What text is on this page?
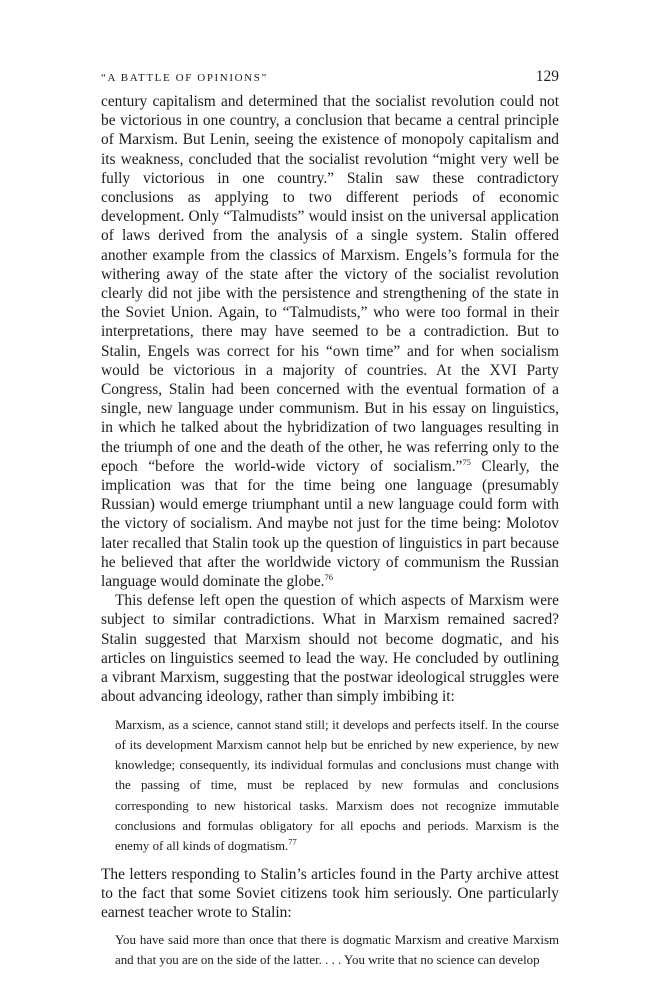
“A BATTLE OF OPINIONS”	129

century capitalism and determined that the socialist revolution could not be victorious in one country, a conclusion that became a central principle of Marxism. But Lenin, seeing the existence of monopoly capitalism and its weakness, concluded that the socialist revolution “might very well be fully victorious in one country.” Stalin saw these contradictory conclusions as applying to two different periods of economic development. Only “Talmudists” would insist on the universal application of laws derived from the analysis of a single system. Stalin offered another example from the classics of Marxism. Engels’s formula for the withering away of the state after the victory of the socialist revolution clearly did not jibe with the persistence and strengthening of the state in the Soviet Union. Again, to “Talmudists,” who were too formal in their interpretations, there may have seemed to be a contradiction. But to Stalin, Engels was correct for his “own time” and for when socialism would be victorious in a majority of countries. At the XVI Party Congress, Stalin had been concerned with the eventual formation of a single, new language under communism. But in his essay on linguistics, in which he talked about the hybridization of two languages resulting in the triumph of one and the death of the other, he was referring only to the epoch “before the world-wide victory of socialism.”$^{75}$ Clearly, the implication was that for the time being one language (presumably Russian) would emerge triumphant until a new language could form with the victory of socialism. And maybe not just for the time being: Molotov later recalled that Stalin took up the question of linguistics in part because he believed that after the worldwide victory of communism the Russian language would dominate the globe.$^{76}$

This defense left open the question of which aspects of Marxism were subject to similar contradictions. What in Marxism remained sacred? Stalin suggested that Marxism should not become dogmatic, and his articles on linguistics seemed to lead the way. He concluded by outlining a vibrant Marxism, suggesting that the postwar ideological struggles were about advancing ideology, rather than simply imbibing it:

Marxism, as a science, cannot stand still; it develops and perfects itself. In the course of its development Marxism cannot help but be enriched by new experience, by new knowledge; consequently, its individual formulas and conclusions must change with the passing of time, must be replaced by new formulas and conclusions corresponding to new historical tasks. Marxism does not recognize immutable conclusions and formulas obligatory for all epochs and periods. Marxism is the enemy of all kinds of dogmatism.$^{77}$

The letters responding to Stalin’s articles found in the Party archive attest to the fact that some Soviet citizens took him seriously. One particularly earnest teacher wrote to Stalin:

You have said more than once that there is dogmatic Marxism and creative Marxism and that you are on the side of the latter. . . . You write that no science can develop
